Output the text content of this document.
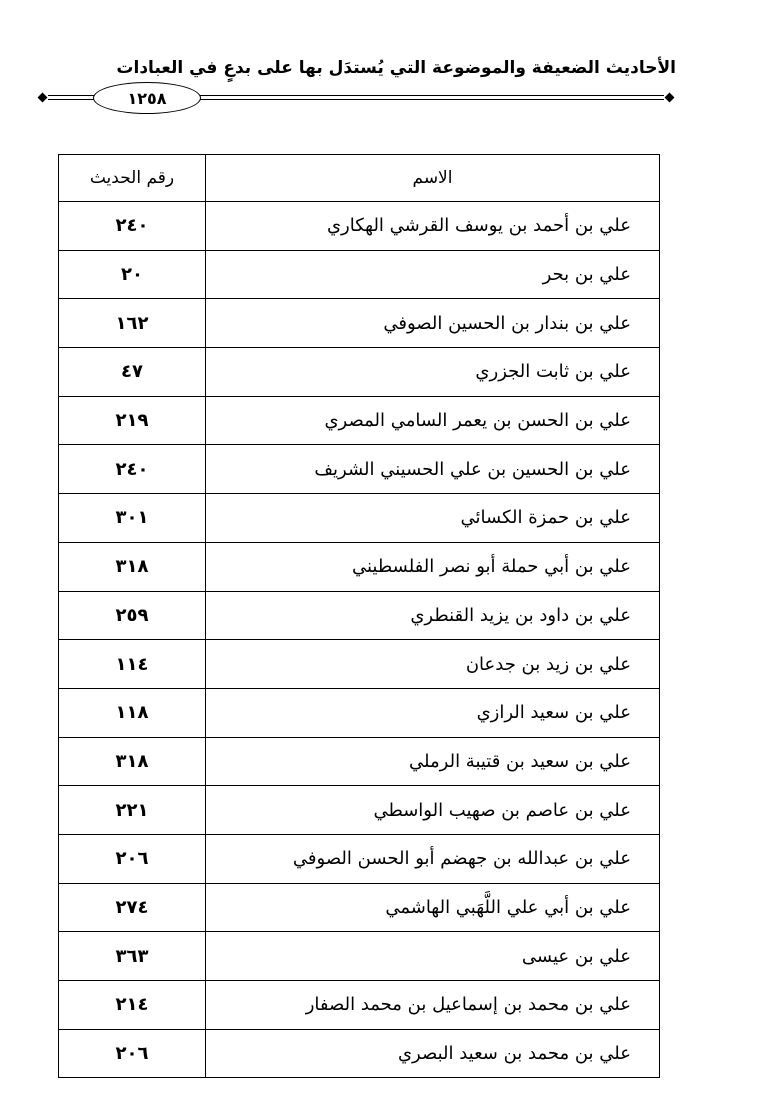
الأحاديث الضعيفة والموضوعة التي يُستدَل بها على بدعٍ في العبادات
١٢٥٨
الاسم	رقم الحديث
علي بن أحمد بن يوسف القرشي الهكاري	٢٤٠
علي بن بحر	٢٠
علي بن بندار بن الحسين الصوفي	١٦٢
علي بن ثابت الجزري	٤٧
علي بن الحسن بن يعمر السامي المصري	٢١٩
علي بن الحسين بن علي الحسيني الشريف	٢٤٠
علي بن حمزة الكسائي	٣٠١
علي بن أبي حملة أبو نصر الفلسطيني	٣١٨
علي بن داود بن يزيد القنطري	٢٥٩
علي بن زيد بن جدعان	١١٤
علي بن سعيد الرازي	١١٨
علي بن سعيد بن قتيبة الرملي	٣١٨
علي بن عاصم بن صهيب الواسطي	٢٢١
علي بن عبدالله بن جهضم أبو الحسن الصوفي	٢٠٦
علي بن أبي علي اللَّهَبي الهاشمي	٢٧٤
علي بن عيسى	٣٦٣
علي بن محمد بن إسماعيل بن محمد الصفار	٢١٤
علي بن محمد بن سعيد البصري	٢٠٦
